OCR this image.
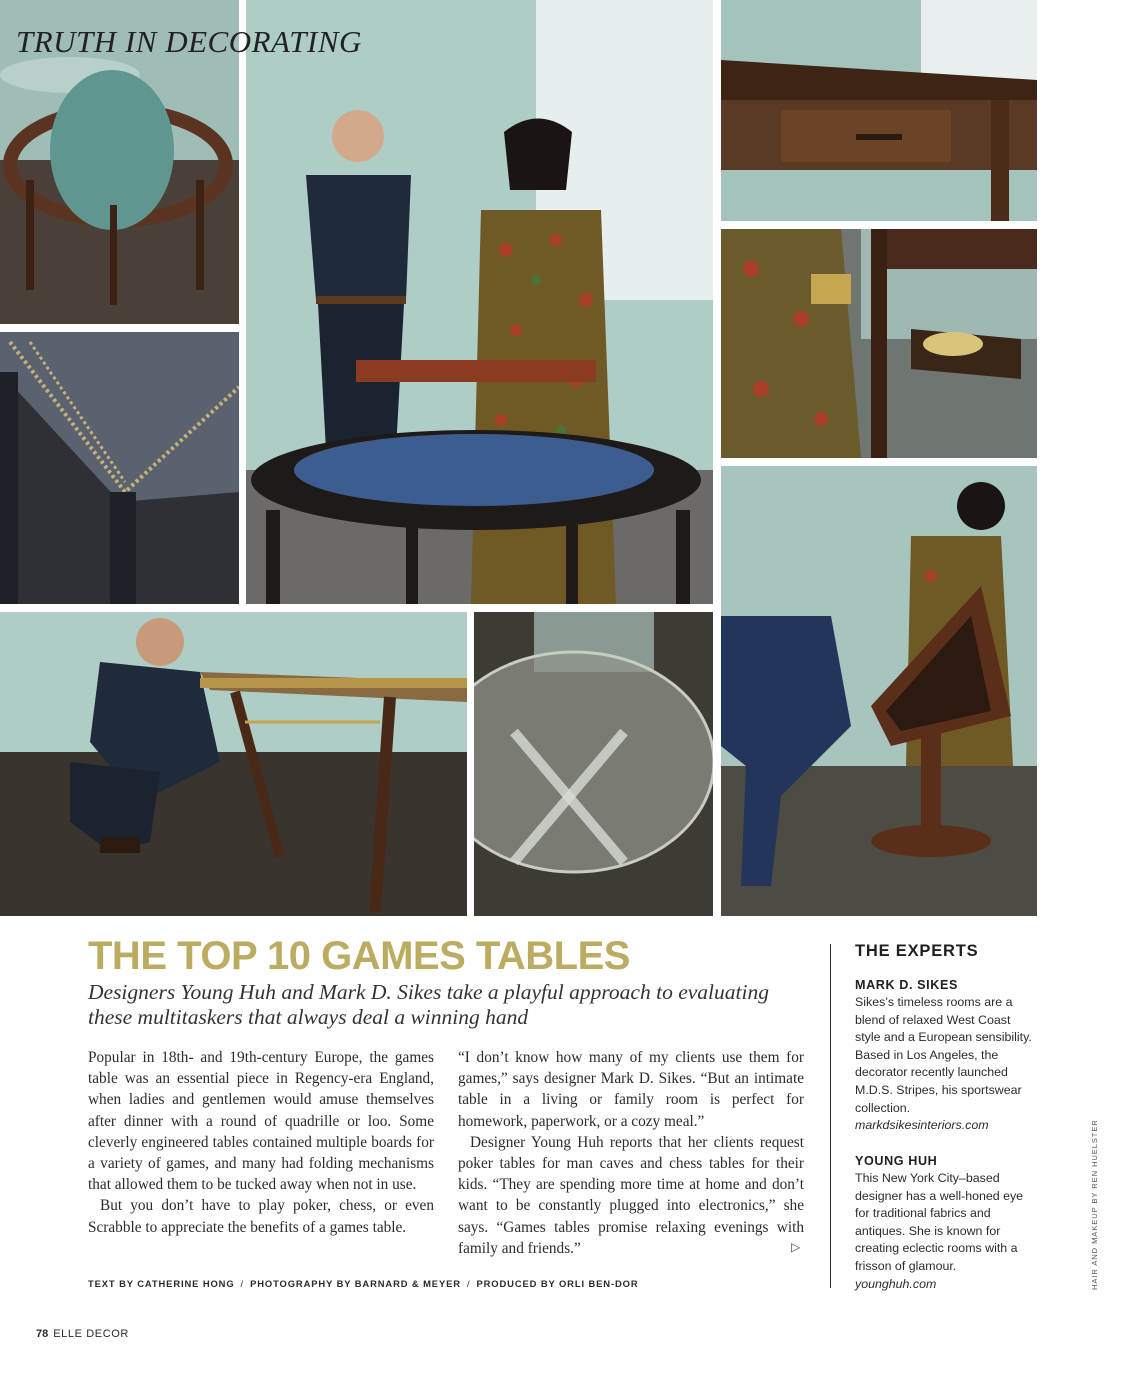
TRUTH IN DECORATING
THE TOP 10 GAMES TABLES

Designers Young Huh and Mark D. Sikes take a playful approach to evaluating these multitaskers that always deal a winning hand

Popular in 18th- and 19th-century Europe, the games table was an essential piece in Regency-era England, when ladies and gentlemen would amuse themselves after dinner with a round of quadrille or loo. Some cleverly engineered tables contained multiple boards for a variety of games, and many had folding mechanisms that allowed them to be tucked away when not in use.

But you don’t have to play poker, chess, or even Scrabble to appreciate the benefits of a games table.

“I don’t know how many of my clients use them for games,” says designer Mark D. Sikes. “But an intimate table in a living or family room is perfect for homework, paperwork, or a cozy meal.”

Designer Young Huh reports that her clients request poker tables for man caves and chess tables for their kids. “They are spending more time at home and don’t want to be constantly plugged into electronics,” she says. “Games tables promise relaxing evenings with family and friends.”	▷
TEXT BY CATHERINE HONG / PHOTOGRAPHY BY BARNARD & MEYER / PRODUCED BY ORLI BEN-DOR
THE EXPERTS

MARK D. SIKES

Sikes’s timeless rooms are a blend of relaxed West Coast style and a European sensibility. Based in Los Angeles, the decorator recently launched M.D.S. Stripes, his sportswear collection.
markdsikesinteriors.com

YOUNG HUH

This New York City–based designer has a well-honed eye for traditional fabrics and antiques. She is known for creating eclectic rooms with a frisson of glamour.
younghuh.com

78 ELLE DECOR
HAIR AND MAKEUP BY REN HUELSTER
